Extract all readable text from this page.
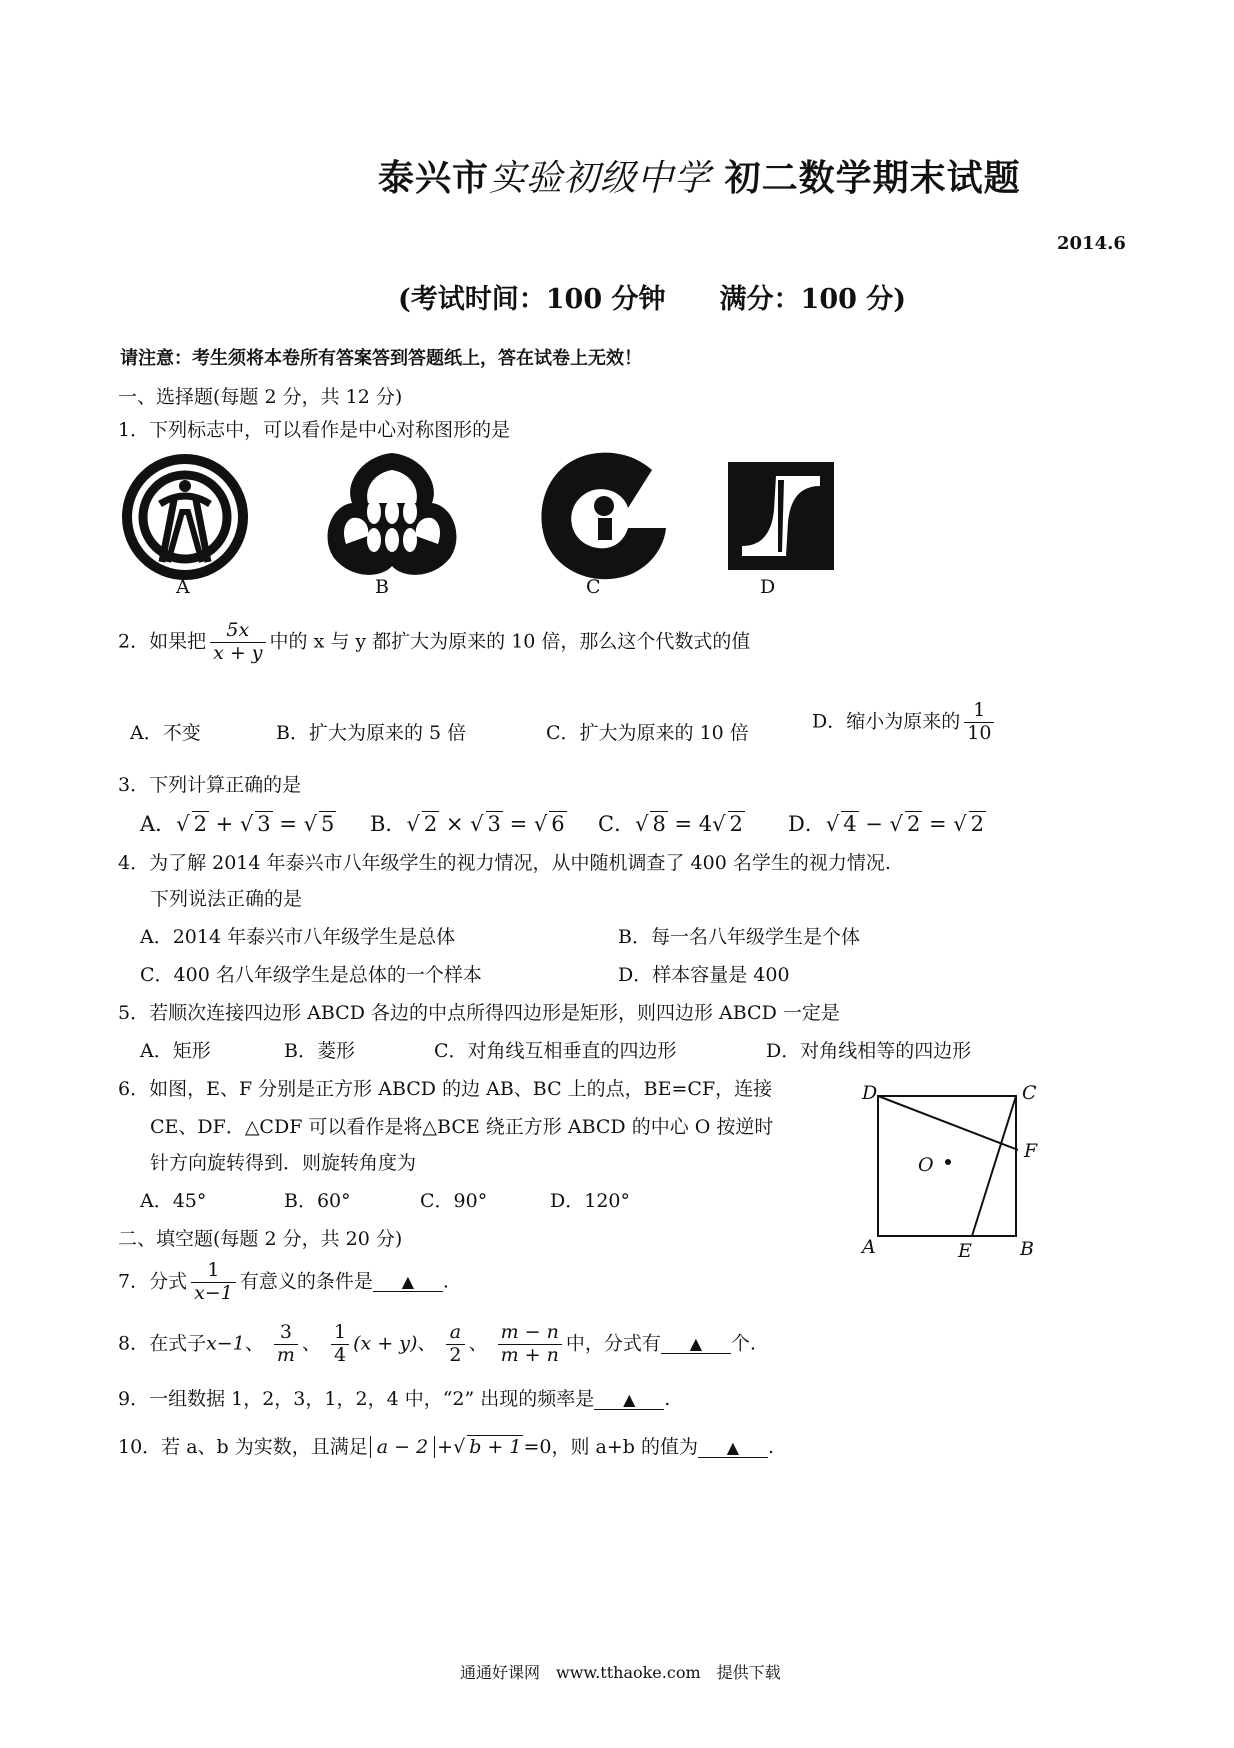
泰兴市实验初级中学 初二数学期末试题
2014.6
(考试时间：100 分钟　　满分：100 分)
请注意：考生须将本卷所有答案答到答题纸上，答在试卷上无效！
一、选择题(每题 2 分，共 12 分)
1．下列标志中，可以看作是中心对称图形的是
A	B	C	D
2．如果把 $\frac{5x}{x + y}$ 中的 x 与 y 都扩大为原来的 10 倍，那么这个代数式的值
A．不变	B．扩大为原来的 5 倍	C．扩大为原来的 10 倍
D．缩小为原来的 $\frac{1}{10}$
3．下列计算正确的是
A．√ 2 + √ 3 = √ 5 B．√ 2 × √ 3 = √ 6 C．√ 8 = 4√ 2 D．√ 4 − √ 2 = √ 2
4．为了解 2014 年泰兴市八年级学生的视力情况，从中随机调查了 400 名学生的视力情况.
下列说法正确的是
A．2014 年泰兴市八年级学生是总体	B．每一名八年级学生是个体
C．400 名八年级学生是总体的一个样本	D．样本容量是 400
5．若顺次连接四边形 ABCD 各边的中点所得四边形是矩形，则四边形 ABCD 一定是
A．矩形	B．菱形	C．对角线互相垂直的四边形	D．对角线相等的四边形
6．如图，E、F 分别是正方形 ABCD 的边 AB、BC 上的点，BE=CF，连接
CE、DF．△CDF 可以看作是将△BCE 绕正方形 ABCD 的中心 O 按逆时
针方向旋转得到．则旋转角度为
A．45°	B．60°	C．90°	D．120°
D	C
F
O
A	E	B
二、填空题(每题 2 分，共 20 分)
7．分式 $\frac{1}{x-1}$ 有意义的条件是 ▲ .
8．在式子x−1、 $\frac{3}{m}$ 、 $\frac{1}{4} (x + y)$、 $\frac{a}{2}$ 、 $\frac{m - n}{m + n}$ 中，分式有 ▲ 个.
9．一组数据 1，2，3，1，2，4 中，“2” 出现的频率是 ▲ .
10．若 a、b 为实数，且满足 a − 2 +√ b + 1 =0，则 a+b 的值为 ▲ .
通通好课网　www.tthaoke.com　提供下载
